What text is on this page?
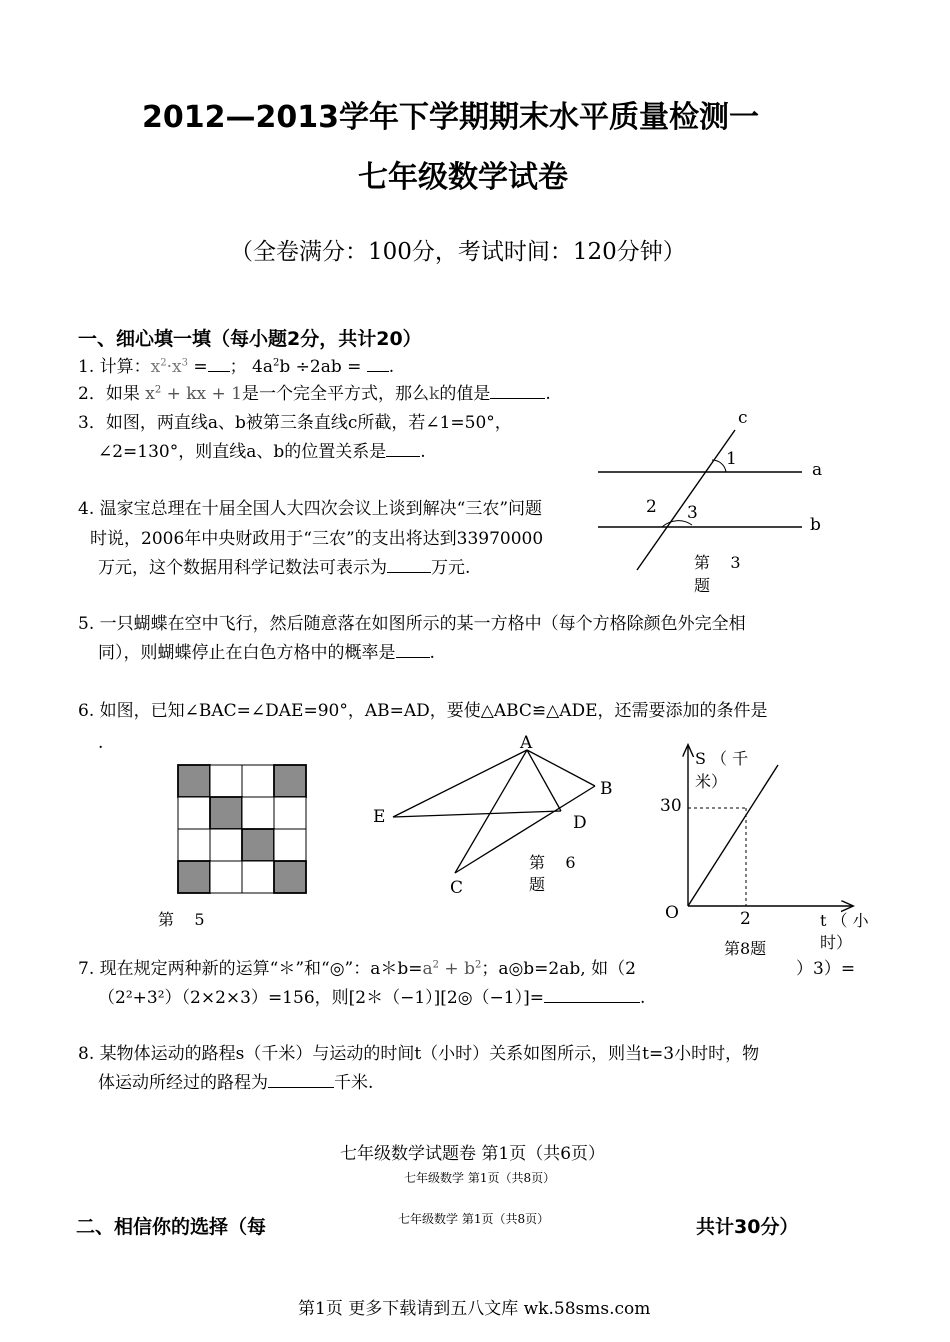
2012—2013学年下学期期末水平质量检测一
七年级数学试卷
（全卷满分：100分，考试时间：120分钟）
一、细心填一填（每小题2分，共计20）
1. 计算：$x^2\cdot x^3$ = ； $4a^2b \div 2ab$ = .
2．如果 $x^2$ + kx + 1是一个完全平方式，那么k的值是	.
3．如图，两直线a、b被第三条直线c所截，若∠1=50°，
∠2=130°，则直线a、b的位置关系是 .
c
a
b
1
2 3
第    3
题
4. 温家宝总理在十届全国人大四次会议上谈到解决“三农”问题
时说，2006年中央财政用于“三农”的支出将达到33970000
万元，这个数据用科学记数法可表示为	万元.
5. 一只蝴蝶在空中飞行，然后随意落在如图所示的某一方格中（每个方格除颜色外完全相
同），则蝴蝶停止在白色方格中的概率是 .
6. 如图，已知∠BAC=∠DAE=90°，AB=AD，要使△ABC≌△ADE，还需要添加的条件是
.
第    5
A
B
C
D
E
第    6
题
S （ 千
米）
30
O	2	t （ 小
时）
第8题
7. 现在规定两种新的运算“＊”和“◎”：$a*b=a^2 + b^2$；a◎b=2ab, 如（2	）3）=
（2²+3²）（2×2×3）=156，则[2＊（−1）][2◎（−1）]=	.
8. 某物体运动的路程s（千米）与运动的时间t（小时）关系如图所示，则当t=3小时时，物
体运动所经过的路程为	千米.
七年级数学试题卷 第1页（共6页）
七年级数学 第1页（共8页）
二、相信你的选择（每	七年级数学 第1页（共8页）	共计30分）
第1页 更多下载请到五八文库 wk.58sms.com
